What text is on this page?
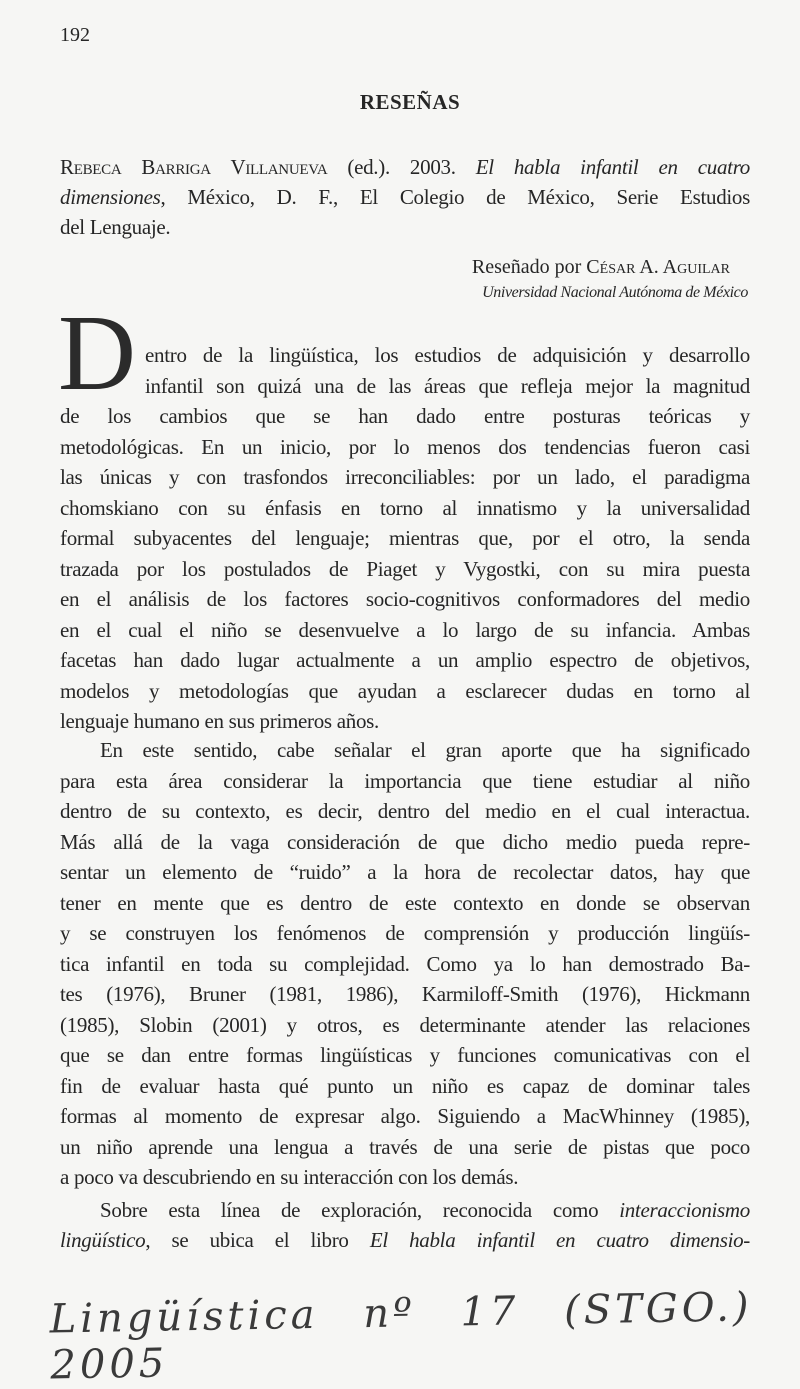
192
RESEÑAS
Rebeca Barriga Villanueva (ed.). 2003. El habla infantil en cuatro
dimensiones, México, D. F., El Colegio de México, Serie Estudios
del Lenguaje.
Reseñado por César A. Aguilar
Universidad Nacional Autónoma de México
D entro de la lingüística, los estudios de adquisición y desarrollo
infantil son quizá una de las áreas que refleja mejor la magnitud
de los cambios que se han dado entre posturas teóricas y
metodológicas. En un inicio, por lo menos dos tendencias fueron casi
las únicas y con trasfondos irreconciliables: por un lado, el paradigma
chomskiano con su énfasis en torno al innatismo y la universalidad
formal subyacentes del lenguaje; mientras que, por el otro, la senda
trazada por los postulados de Piaget y Vygostki, con su mira puesta
en el análisis de los factores socio-cognitivos conformadores del medio
en el cual el niño se desenvuelve a lo largo de su infancia. Ambas
facetas han dado lugar actualmente a un amplio espectro de objetivos,
modelos y metodologías que ayudan a esclarecer dudas en torno al
lenguaje humano en sus primeros años.
En este sentido, cabe señalar el gran aporte que ha significado
para esta área considerar la importancia que tiene estudiar al niño
dentro de su contexto, es decir, dentro del medio en el cual interactua.
Más allá de la vaga consideración de que dicho medio pueda repre-
sentar un elemento de “ruido” a la hora de recolectar datos, hay que
tener en mente que es dentro de este contexto en donde se observan
y se construyen los fenómenos de comprensión y producción lingüís-
tica infantil en toda su complejidad. Como ya lo han demostrado Ba-
tes (1976), Bruner (1981, 1986), Karmiloff-Smith (1976), Hickmann
(1985), Slobin (2001) y otros, es determinante atender las relaciones
que se dan entre formas lingüísticas y funciones comunicativas con el
fin de evaluar hasta qué punto un niño es capaz de dominar tales
formas al momento de expresar algo. Siguiendo a MacWhinney (1985),
un niño aprende una lengua a través de una serie de pistas que poco
a poco va descubriendo en su interacción con los demás.
Sobre esta línea de exploración, reconocida como interaccionismo
lingüístico, se ubica el libro El habla infantil en cuatro dimensio-
Lingüística nº 17 (STGO.) 2005
